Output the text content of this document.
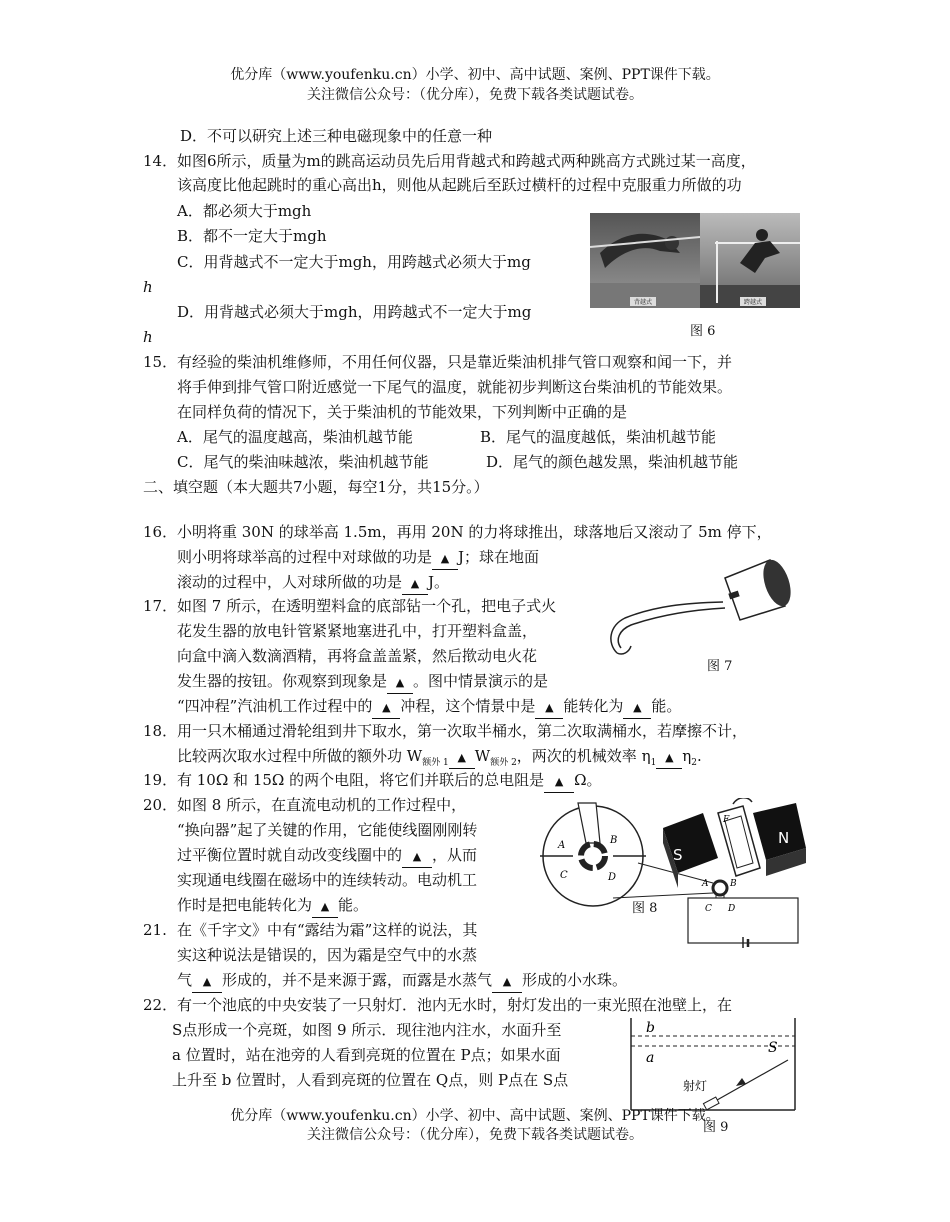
优分库（www.youfenku.cn）小学、初中、高中试题、案例、PPT课件下载。
关注微信公众号：（优分库），免费下载各类试题试卷。
D．不可以研究上述三种电磁现象中的任意一种
14． 如图6所示，质量为m的跳高运动员先后用背越式和跨越式两种跳高方式跳过某一高度，
该高度比他起跳时的重心高出h，则他从起跳后至跃过横杆的过程中克服重力所做的功
A．都必须大于mgh
B．都不一定大于mgh
C．用背越式不一定大于mgh，用跨越式必须大于mg
h
D．用背越式必须大于mgh，用跨越式不一定大于mg
h
背越式	跨越式
图 6
15． 有经验的柴油机维修师，不用任何仪器，只是靠近柴油机排气管口观察和闻一下，并
将手伸到排气管口附近感觉一下尾气的温度，就能初步判断这台柴油机的节能效果。
在同样负荷的情况下，关于柴油机的节能效果，下列判断中正确的是
A．尾气的温度越高，柴油机越节能	B．尾气的温度越低，柴油机越节能
C．尾气的柴油味越浓，柴油机越节能	D．尾气的颜色越发黑，柴油机越节能
二、填空题（本大题共7小题，每空1分，共15分。）
16． 小明将重 30N 的球举高 1.5m，再用 20N 的力将球推出，球落地后又滚动了 5m 停下，
则小明将球举高的过程中对球做的功是 ▲ J；球在地面
滚动的过程中，人对球所做的功是 ▲ J。
图 7
17． 如图 7 所示，在透明塑料盒的底部钻一个孔，把电子式火
花发生器的放电针管紧紧地塞进孔中，打开塑料盒盖，
向盒中滴入数滴酒精，再将盒盖盖紧，然后揿动电火花
发生器的按钮。你观察到现象是 ▲ 。图中情景演示的是
“四冲程”汽油机工作过程中的 ▲ 冲程，这个情景中是 ▲ 能转化为 ▲ 能。
18． 用一只木桶通过滑轮组到井下取水，第一次取半桶水，第二次取满桶水，若摩擦不计，
比较两次取水过程中所做的额外功 $W_{额外 1}$ ▲ $W_{额外 2}$，两次的机械效率 $\eta_1$ ▲ $\eta_2$.
19． 有 10Ω 和 15Ω 的两个电阻，将它们并联后的总电阻是 ▲ Ω。
20． 如图 8 所示，在直流电动机的工作过程中，
“换向器”起了关键的作用，它能使线圈刚刚转
过平衡位置时就自动改变线圈中的 ▲ ，从而
实现通电线圈在磁场中的连续转动。电动机工
作时是把电能转化为 ▲ 能。
A	B
C	D
S
N
F
A B
C D
图 8
21. 在《千字文》中有“露结为霜”这样的说法，其
实这种说法是错误的，因为霜是空气中的水蒸
气 ▲ 形成的，并不是来源于露，而露是水蒸气 ▲ 形成的小水珠。
22． 有一个池底的中央安装了一只射灯．池内无水时，射灯发出的一束光照在池壁上，在
S点形成一个亮斑，如图 9 所示．现往池内注水，水面升至
a 位置时，站在池旁的人看到亮斑的位置在 P点；如果水面
上升至 b 位置时，人看到亮斑的位置在 Q点，则 P点在 S点
b
a
S
射灯
图 9
优分库（www.youfenku.cn）小学、初中、高中试题、案例、PPT课件下载。
关注微信公众号：（优分库），免费下载各类试题试卷。
